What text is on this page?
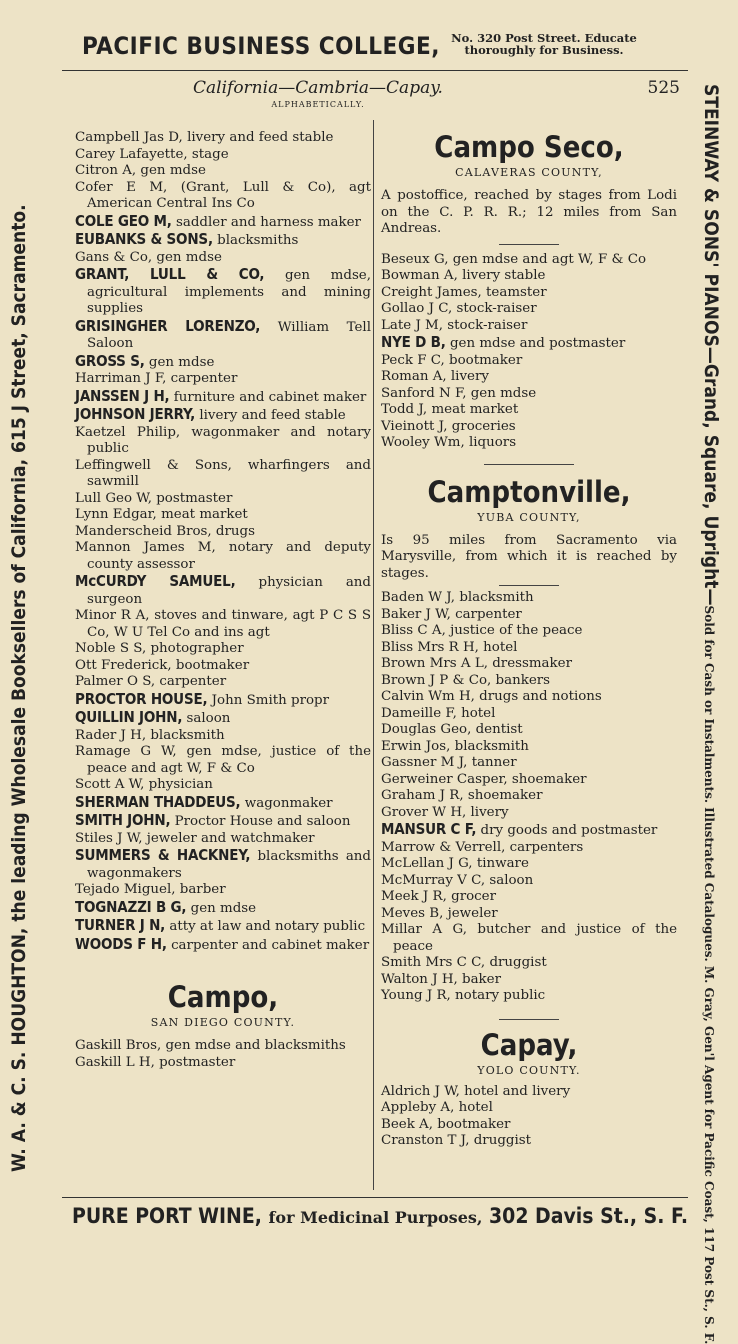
PACIFIC BUSINESS COLLEGE, No. 320 Post Street. Educate
thoroughly for Business.
W. A. & C. S. HOUGHTON, the leading Wholesale Booksellers of California, 615 J Street, Sacramento.	STEINWAY & SONS' PIANOS—Grand, Square, Upright—Sold for Cash or Instalments. Illustrated Catalogues. M. Gray, Gen'l Agent for Pacific Coast, 117 Post St., S. F.
California—Cambria—Capay.	525
ALPHABETICALLY.
Campbell Jas D, livery and feed stable
Carey Lafayette, stage
Citron A, gen mdse
Cofer E M, (Grant, Lull & Co), agt American Central Ins Co
COLE GEO M, saddler and harness maker
EUBANKS & SONS, blacksmiths
Gans & Co, gen mdse
GRANT, LULL & CO, gen mdse, agricultural implements and mining supplies
GRISINGHER LORENZO, William Tell Saloon
GROSS S, gen mdse
Harriman J F, carpenter
JANSSEN J H, furniture and cabinet maker
JOHNSON JERRY, livery and feed stable
Kaetzel Philip, wagonmaker and notary public
Leffingwell & Sons, wharfingers and sawmill
Lull Geo W, postmaster
Lynn Edgar, meat market
Manderscheid Bros, drugs
Mannon James M, notary and deputy county assessor
McCURDY SAMUEL, physician and surgeon
Minor R A, stoves and tinware, agt P C S S Co, W U Tel Co and ins agt
Noble S S, photographer
Ott Frederick, bootmaker
Palmer O S, carpenter
PROCTOR HOUSE, John Smith propr
QUILLIN JOHN, saloon
Rader J H, blacksmith
Ramage G W, gen mdse, justice of the peace and agt W, F & Co
Scott A W, physician
SHERMAN THADDEUS, wagonmaker
SMITH JOHN, Proctor House and saloon
Stiles J W, jeweler and watchmaker
SUMMERS & HACKNEY, blacksmiths and wagonmakers
Tejado Miguel, barber
TOGNAZZI B G, gen mdse
TURNER J N, atty at law and notary public
WOODS F H, carpenter and cabinet maker
Campo,
SAN DIEGO COUNTY.
Gaskill Bros, gen mdse and blacksmiths
Gaskill L H, postmaster
Campo Seco,
CALAVERAS COUNTY,
A postoffice, reached by stages from Lodi on the C. P. R. R.; 12 miles from San Andreas.
Beseux G, gen mdse and agt W, F & Co
Bowman A, livery stable
Creight James, teamster
Gollao J C, stock-raiser
Late J M, stock-raiser
NYE D B, gen mdse and postmaster
Peck F C, bootmaker
Roman A, livery
Sanford N F, gen mdse
Todd J, meat market
Vieinott J, groceries
Wooley Wm, liquors
Camptonville,
YUBA COUNTY,
Is 95 miles from Sacramento via Marysville, from which it is reached by stages.
Baden W J, blacksmith
Baker J W, carpenter
Bliss C A, justice of the peace
Bliss Mrs R H, hotel
Brown Mrs A L, dressmaker
Brown J P & Co, bankers
Calvin Wm H, drugs and notions
Dameille F, hotel
Douglas Geo, dentist
Erwin Jos, blacksmith
Gassner M J, tanner
Gerweiner Casper, shoemaker
Graham J R, shoemaker
Grover W H, livery
MANSUR C F, dry goods and postmaster
Marrow & Verrell, carpenters
McLellan J G, tinware
McMurray V C, saloon
Meek J R, grocer
Meves B, jeweler
Millar A G, butcher and justice of the peace
Smith Mrs C C, druggist
Walton J H, baker
Young J R, notary public
Capay,
YOLO COUNTY.
Aldrich J W, hotel and livery
Appleby A, hotel
Beek A, bootmaker
Cranston T J, druggist
PURE PORT WINE, for Medicinal Purposes, 302 Davis St., S. F.
